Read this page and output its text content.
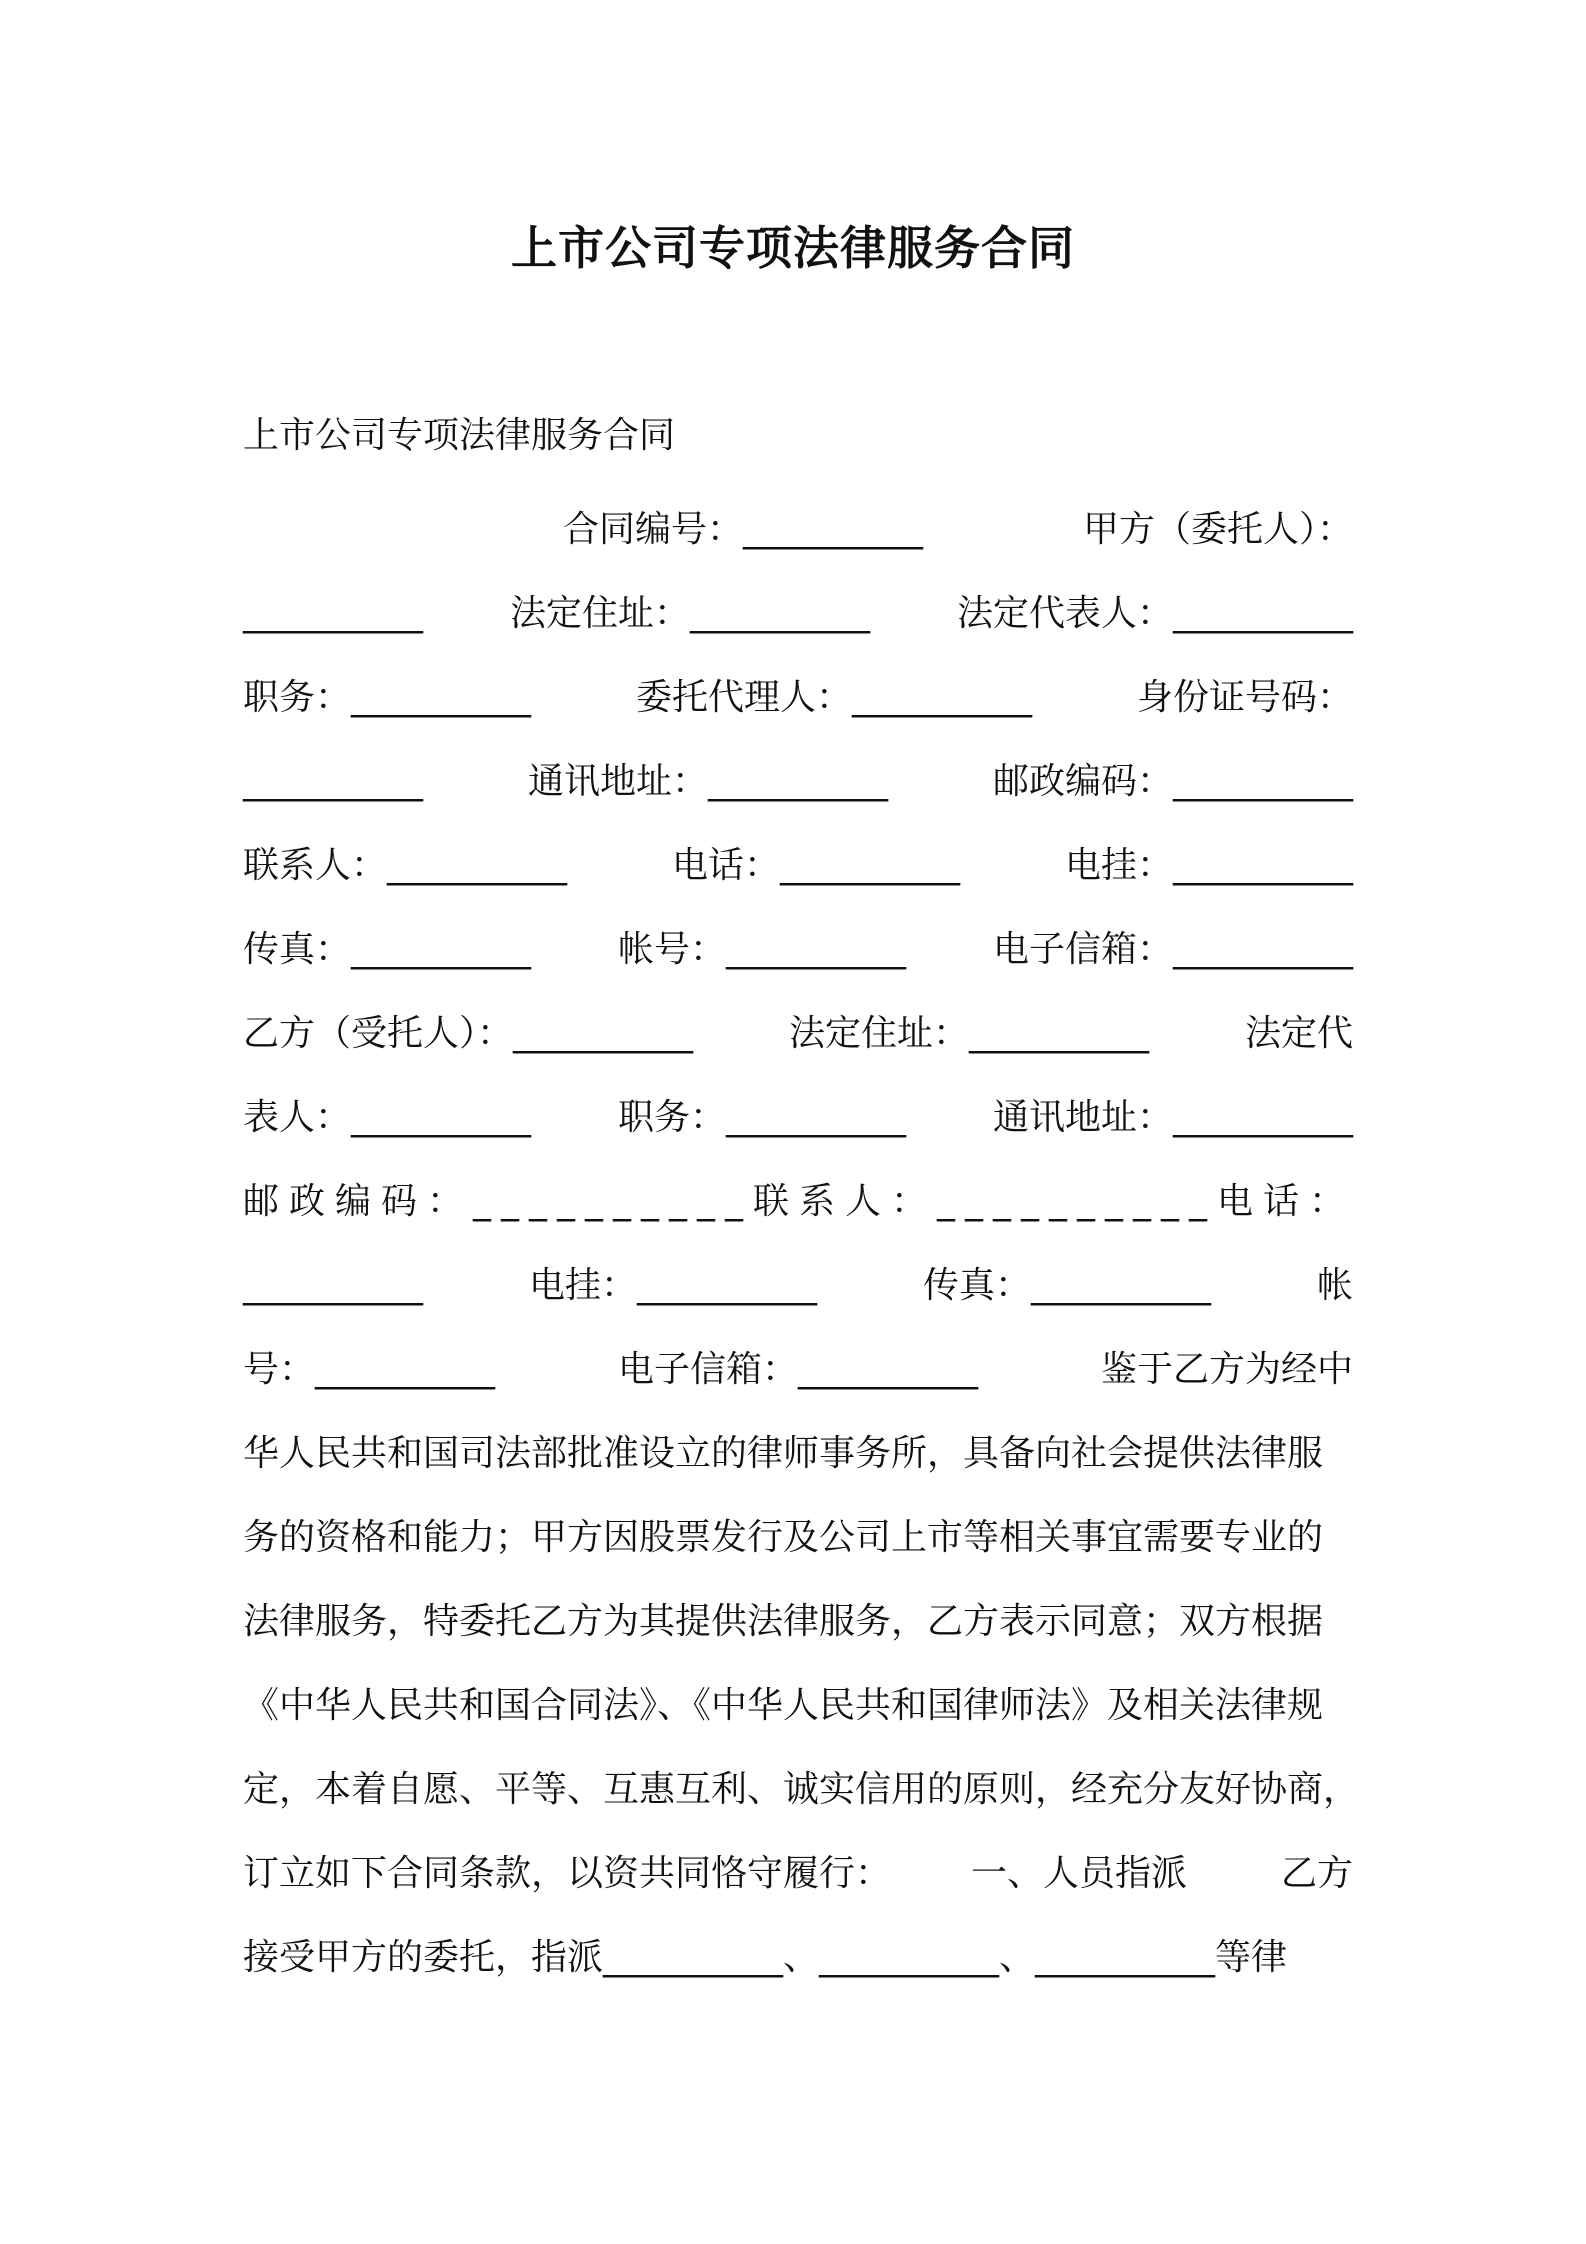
上市公司专项法律服务合同
上市公司专项法律服务合同
合同编号：__________	甲方（委托人）：
__________ 法定住址：__________ 法定代表人：__________
职务：__________	委托代理人：__________	身份证号码：
__________	通讯地址：__________	邮政编码：__________
联系人：__________	电话：__________	电挂：__________
传真：__________ 帐号：__________ 电子信箱：__________
乙方（受托人）：__________	法定住址：__________	法定代
表人：__________ 职务：__________ 通讯地址：__________
邮政编码：__________ 联系人：__________ 电话：
__________	电挂：__________	传真：__________	帐
号：__________	电子信箱：__________	鉴于乙方为经中
华人民共和国司法部批准设立的律师事务所，具备向社会提供法律服
务的资格和能力；甲方因股票发行及公司上市等相关事宜需要专业的
法律服务，特委托乙方为其提供法律服务，乙方表示同意；双方根据
《中华人民共和国合同法》、《中华人民共和国律师法》及相关法律规
定，本着自愿、平等、互惠互利、诚实信用的原则，经充分友好协商，
订立如下合同条款，以资共同恪守履行： 一、人员指派	乙方
接受甲方的委托，指派__________、__________、__________等律
